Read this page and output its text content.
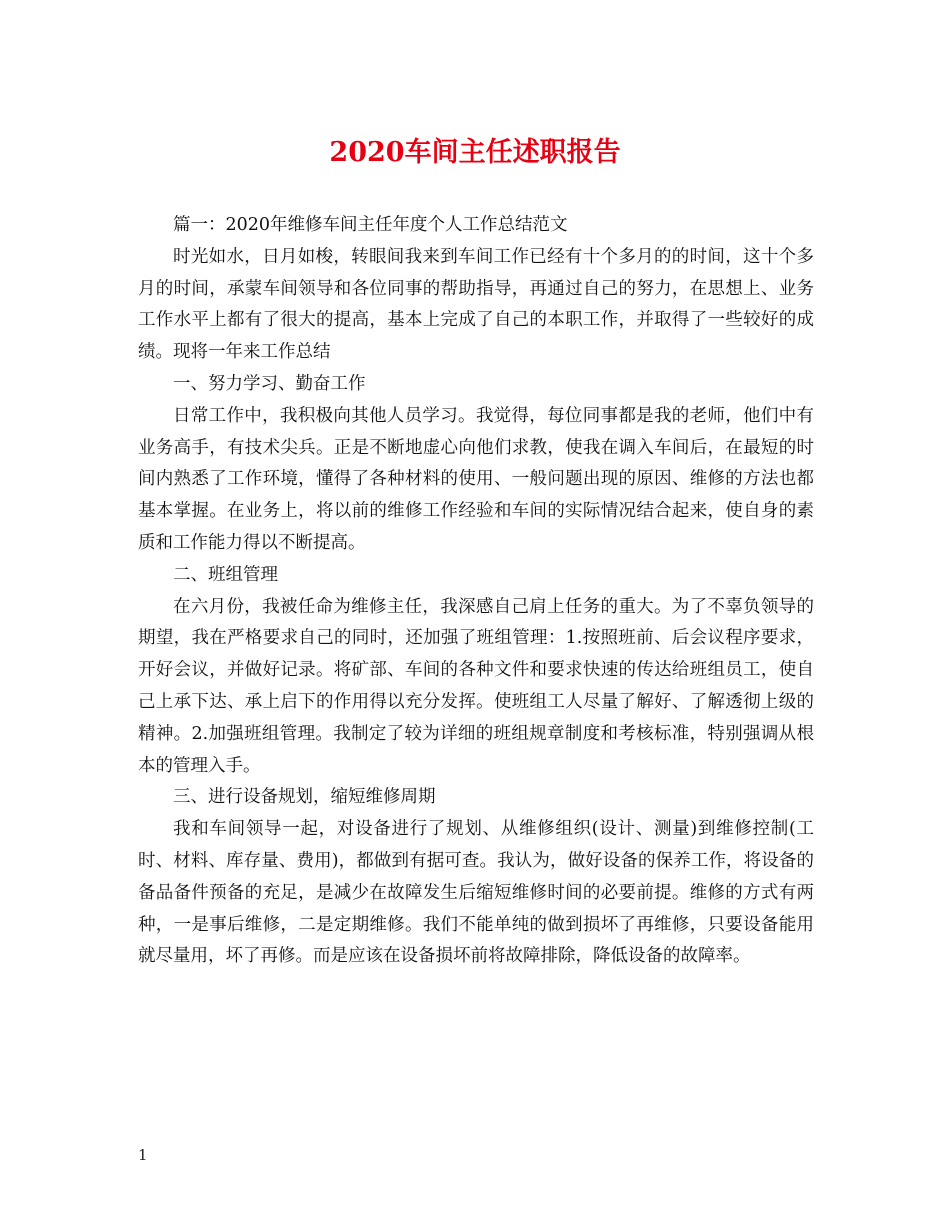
2020车间主任述职报告

篇一：2020年维修车间主任年度个人工作总结范文

时光如水，日月如梭，转眼间我来到车间工作已经有十个多月的的时间，这十个多月的时间，承蒙车间领导和各位同事的帮助指导，再通过自己的努力，在思想上、业务工作水平上都有了很大的提高，基本上完成了自己的本职工作，并取得了一些较好的成绩。现将一年来工作总结

一、努力学习、勤奋工作

日常工作中，我积极向其他人员学习。我觉得，每位同事都是我的老师，他们中有业务高手，有技术尖兵。正是不断地虚心向他们求教，使我在调入车间后，在最短的时间内熟悉了工作环境，懂得了各种材料的使用、一般问题出现的原因、维修的方法也都基本掌握。在业务上，将以前的维修工作经验和车间的实际情况结合起来，使自身的素质和工作能力得以不断提高。

二、班组管理

在六月份，我被任命为维修主任，我深感自己肩上任务的重大。为了不辜负领导的期望，我在严格要求自己的同时，还加强了班组管理：1.按照班前、后会议程序要求，开好会议，并做好记录。将矿部、车间的各种文件和要求快速的传达给班组员工，使自己上承下达、承上启下的作用得以充分发挥。使班组工人尽量了解好、了解透彻上级的精神。2.加强班组管理。我制定了较为详细的班组规章制度和考核标准，特别强调从根本的管理入手。

三、进行设备规划，缩短维修周期

我和车间领导一起，对设备进行了规划、从维修组织(设计、测量)到维修控制(工时、材料、库存量、费用)，都做到有据可查。我认为，做好设备的保养工作，将设备的备品备件预备的充足，是减少在故障发生后缩短维修时间的必要前提。维修的方式有两种，一是事后维修，二是定期维修。我们不能单纯的做到损坏了再维修，只要设备能用就尽量用，坏了再修。而是应该在设备损坏前将故障排除，降低设备的故障率。

1
